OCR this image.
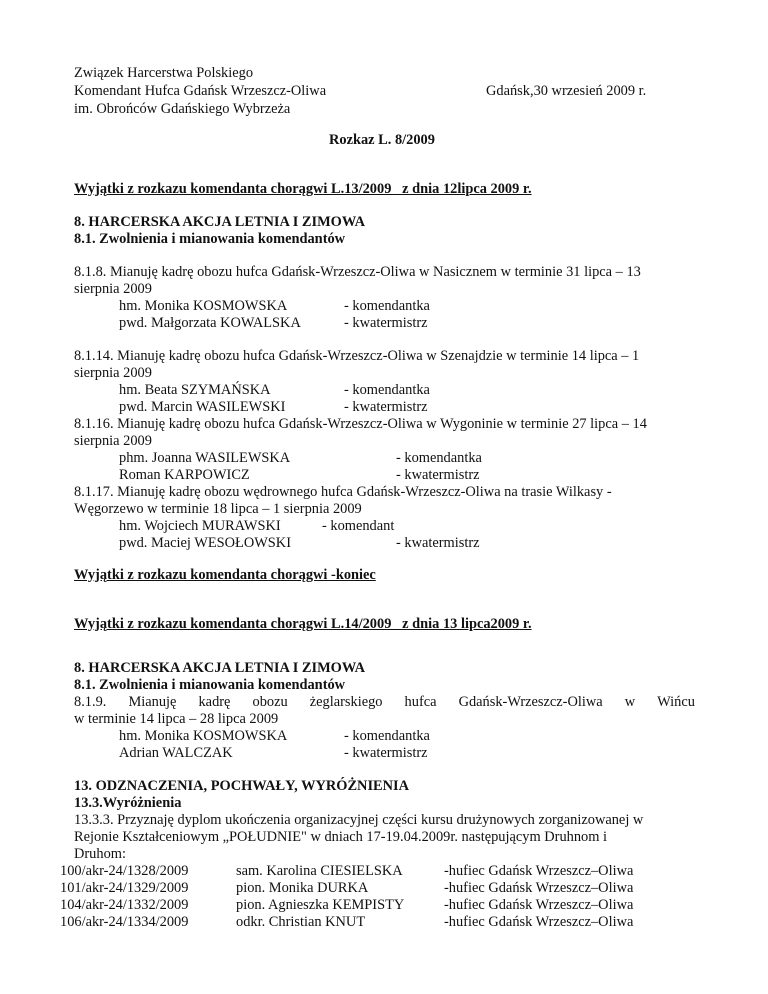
Związek Harcerstwa Polskiego
Komendant Hufca Gdańsk Wrzeszcz-Oliwa	Gdańsk,30 wrzesień 2009 r.
im. Obrońców Gdańskiego Wybrzeża
Rozkaz L. 8/2009
Wyjątki z rozkazu komendanta chorągwi L.13/2009   z dnia 12lipca 2009 r.
8. HARCERSKA AKCJA LETNIA I ZIMOWA
8.1. Zwolnienia i mianowania komendantów
8.1.8. Mianuję kadrę obozu hufca Gdańsk-Wrzeszcz-Oliwa w Nasicznem w terminie 31 lipca – 13
sierpnia 2009
hm. Monika KOSMOWSKA	- komendantka
pwd. Małgorzata KOWALSKA	- kwatermistrz
8.1.14. Mianuję kadrę obozu hufca Gdańsk-Wrzeszcz-Oliwa w Szenajdzie w terminie 14 lipca – 1
sierpnia 2009
hm. Beata SZYMAŃSKA	- komendantka
pwd. Marcin WASILEWSKI	- kwatermistrz
8.1.16. Mianuję kadrę obozu hufca Gdańsk-Wrzeszcz-Oliwa w Wygoninie w terminie 27 lipca – 14
sierpnia 2009
phm. Joanna WASILEWSKA	- komendantka
Roman KARPOWICZ	- kwatermistrz
8.1.17. Mianuję kadrę obozu wędrownego hufca Gdańsk-Wrzeszcz-Oliwa na trasie Wilkasy -
Węgorzewo w terminie 18 lipca – 1 sierpnia 2009
hm. Wojciech MURAWSKI	- komendant
pwd. Maciej WESOŁOWSKI	- kwatermistrz
Wyjątki z rozkazu komendanta chorągwi -koniec
Wyjątki z rozkazu komendanta chorągwi L.14/2009   z dnia 13 lipca2009 r.
8. HARCERSKA AKCJA LETNIA I ZIMOWA
8.1. Zwolnienia i mianowania komendantów
8.1.9. Mianuję kadrę obozu żeglarskiego hufca Gdańsk-Wrzeszcz-Oliwa w Wińcu
w terminie 14 lipca – 28 lipca 2009
hm. Monika KOSMOWSKA	- komendantka
Adrian WALCZAK	- kwatermistrz
13. ODZNACZENIA, POCHWAŁY, WYRÓŻNIENIA
13.3.Wyróżnienia
13.3.3. Przyznaję dyplom ukończenia organizacyjnej części kursu drużynowych zorganizowanej w
Rejonie Kształceniowym „POŁUDNIE" w dniach 17-19.04.2009r. następującym Druhnom i
Druhom:
100/akr-24/1328/2009	sam. Karolina CIESIELSKA	-hufiec Gdańsk Wrzeszcz–Oliwa
101/akr-24/1329/2009	pion. Monika DURKA	-hufiec Gdańsk Wrzeszcz–Oliwa
104/akr-24/1332/2009	pion. Agnieszka KEMPISTY	-hufiec Gdańsk Wrzeszcz–Oliwa
106/akr-24/1334/2009	odkr. Christian KNUT	-hufiec Gdańsk Wrzeszcz–Oliwa
